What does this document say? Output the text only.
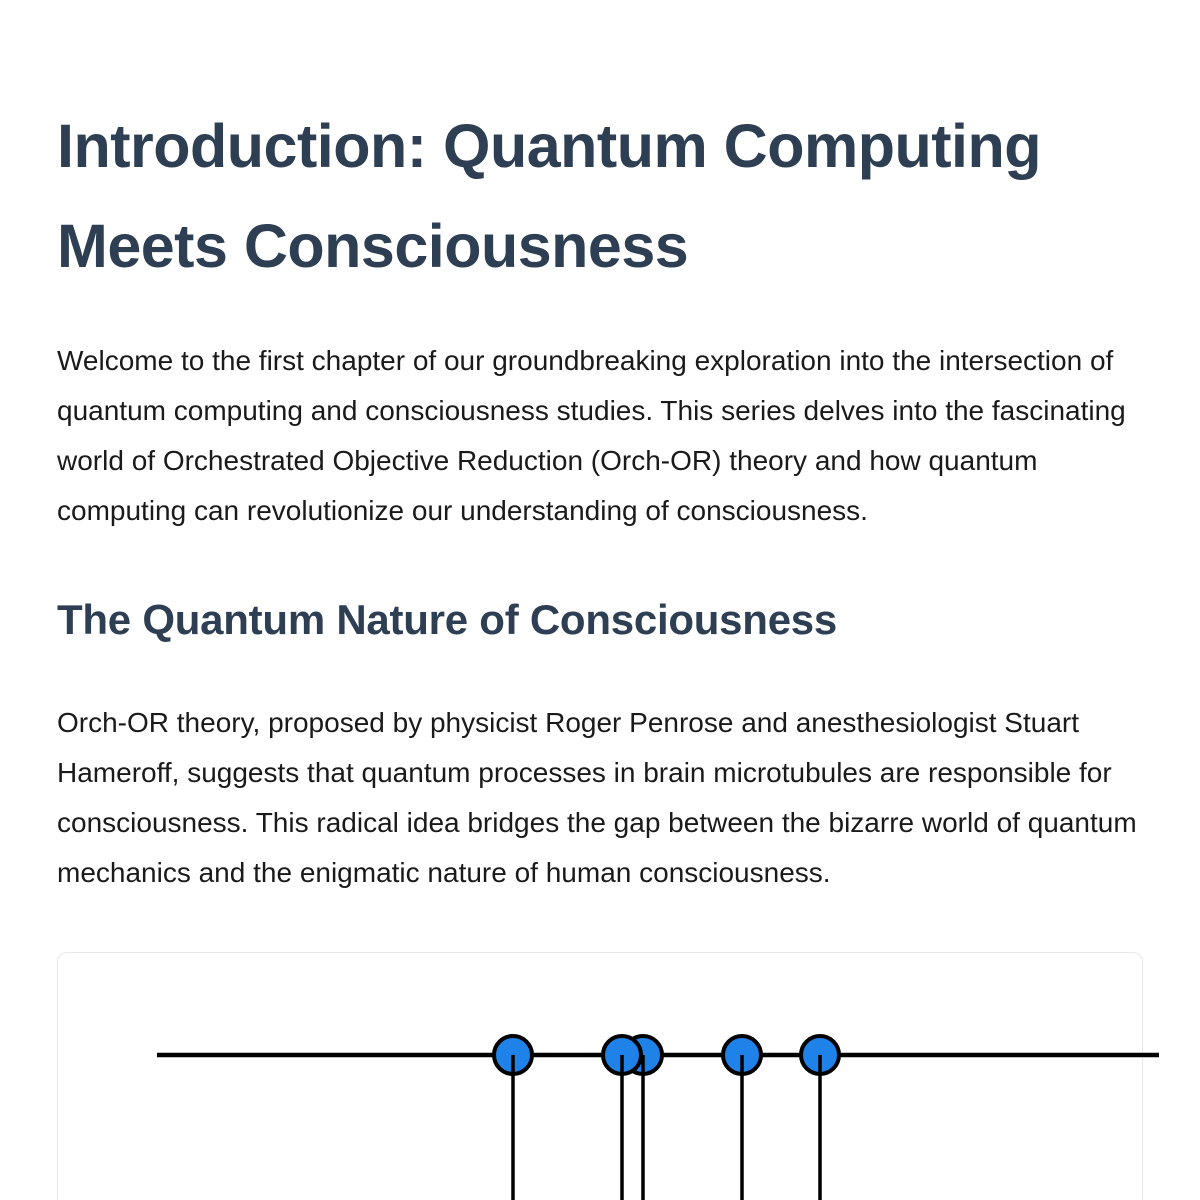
Introduction: Quantum Computing Meets Consciousness

Welcome to the first chapter of our groundbreaking exploration into the intersection of quantum computing and consciousness studies. This series delves into the fascinating world of Orchestrated Objective Reduction (Orch-OR) theory and how quantum computing can revolutionize our understanding of consciousness.

The Quantum Nature of Consciousness

Orch-OR theory, proposed by physicist Roger Penrose and anesthesiologist Stuart Hameroff, suggests that quantum processes in brain microtubules are responsible for consciousness. This radical idea bridges the gap between the bizarre world of quantum mechanics and the enigmatic nature of human consciousness.
